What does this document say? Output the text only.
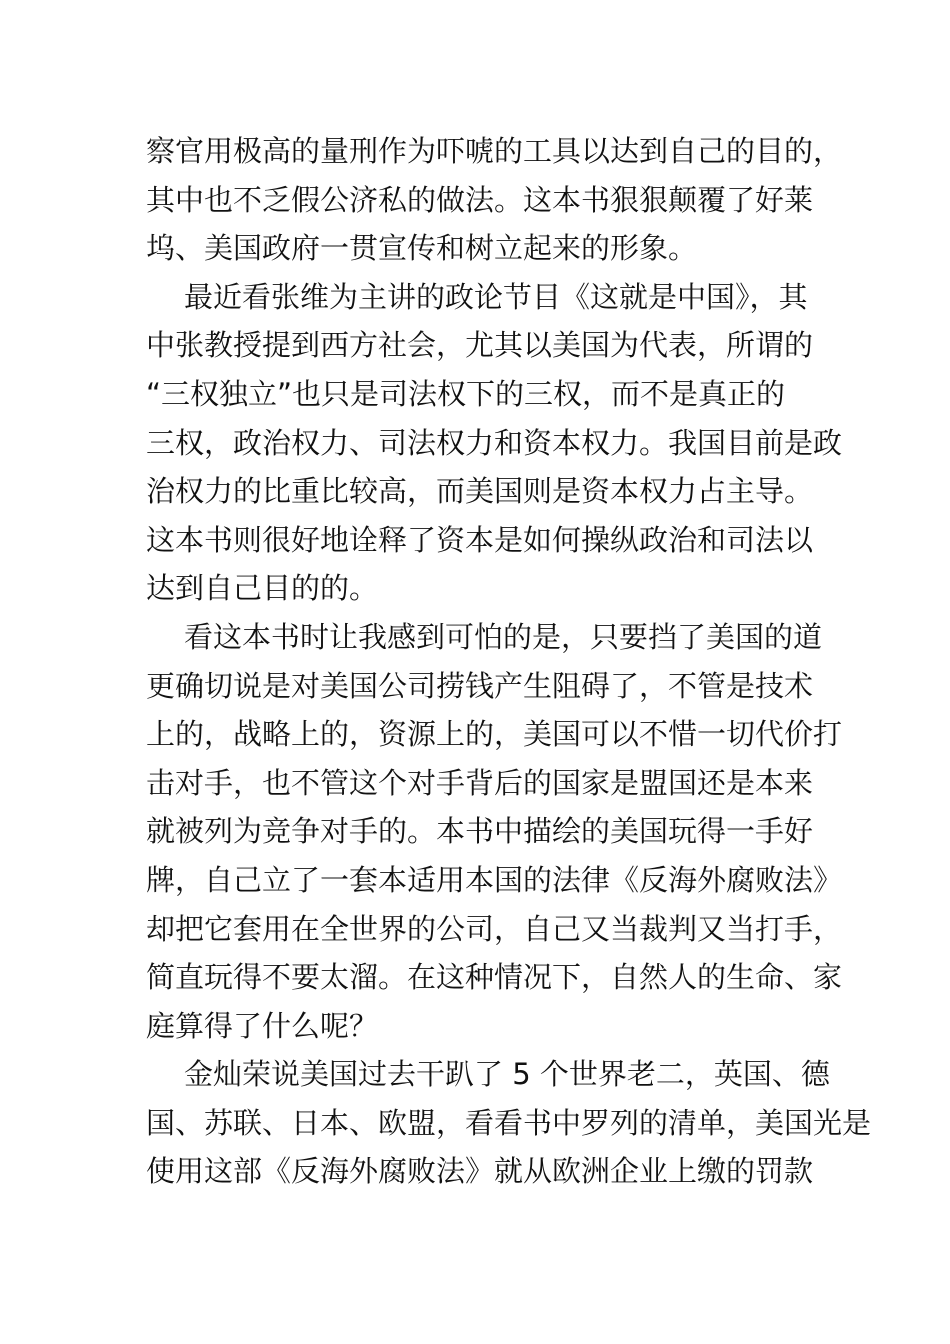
察官用极高的量刑作为吓唬的工具以达到自己的目的，
其中也不乏假公济私的做法。这本书狠狠颠覆了好莱
坞、美国政府一贯宣传和树立起来的形象。
最近看张维为主讲的政论节目《这就是中国》，其
中张教授提到西方社会，尤其以美国为代表，所谓的
“三权独立”也只是司法权下的三权，而不是真正的
三权，政治权力、司法权力和资本权力。我国目前是政
治权力的比重比较高，而美国则是资本权力占主导。
这本书则很好地诠释了资本是如何操纵政治和司法以
达到自己目的的。
看这本书时让我感到可怕的是，只要挡了美国的道
更确切说是对美国公司捞钱产生阻碍了，不管是技术
上的，战略上的，资源上的，美国可以不惜一切代价打
击对手，也不管这个对手背后的国家是盟国还是本来
就被列为竞争对手的。本书中描绘的美国玩得一手好
牌，自己立了一套本适用本国的法律《反海外腐败法》
却把它套用在全世界的公司，自己又当裁判又当打手，
简直玩得不要太溜。在这种情况下，自然人的生命、家
庭算得了什么呢？
金灿荣说美国过去干趴了 5 个世界老二，英国、德
国、苏联、日本、欧盟，看看书中罗列的清单，美国光是
使用这部《反海外腐败法》就从欧洲企业上缴的罚款
